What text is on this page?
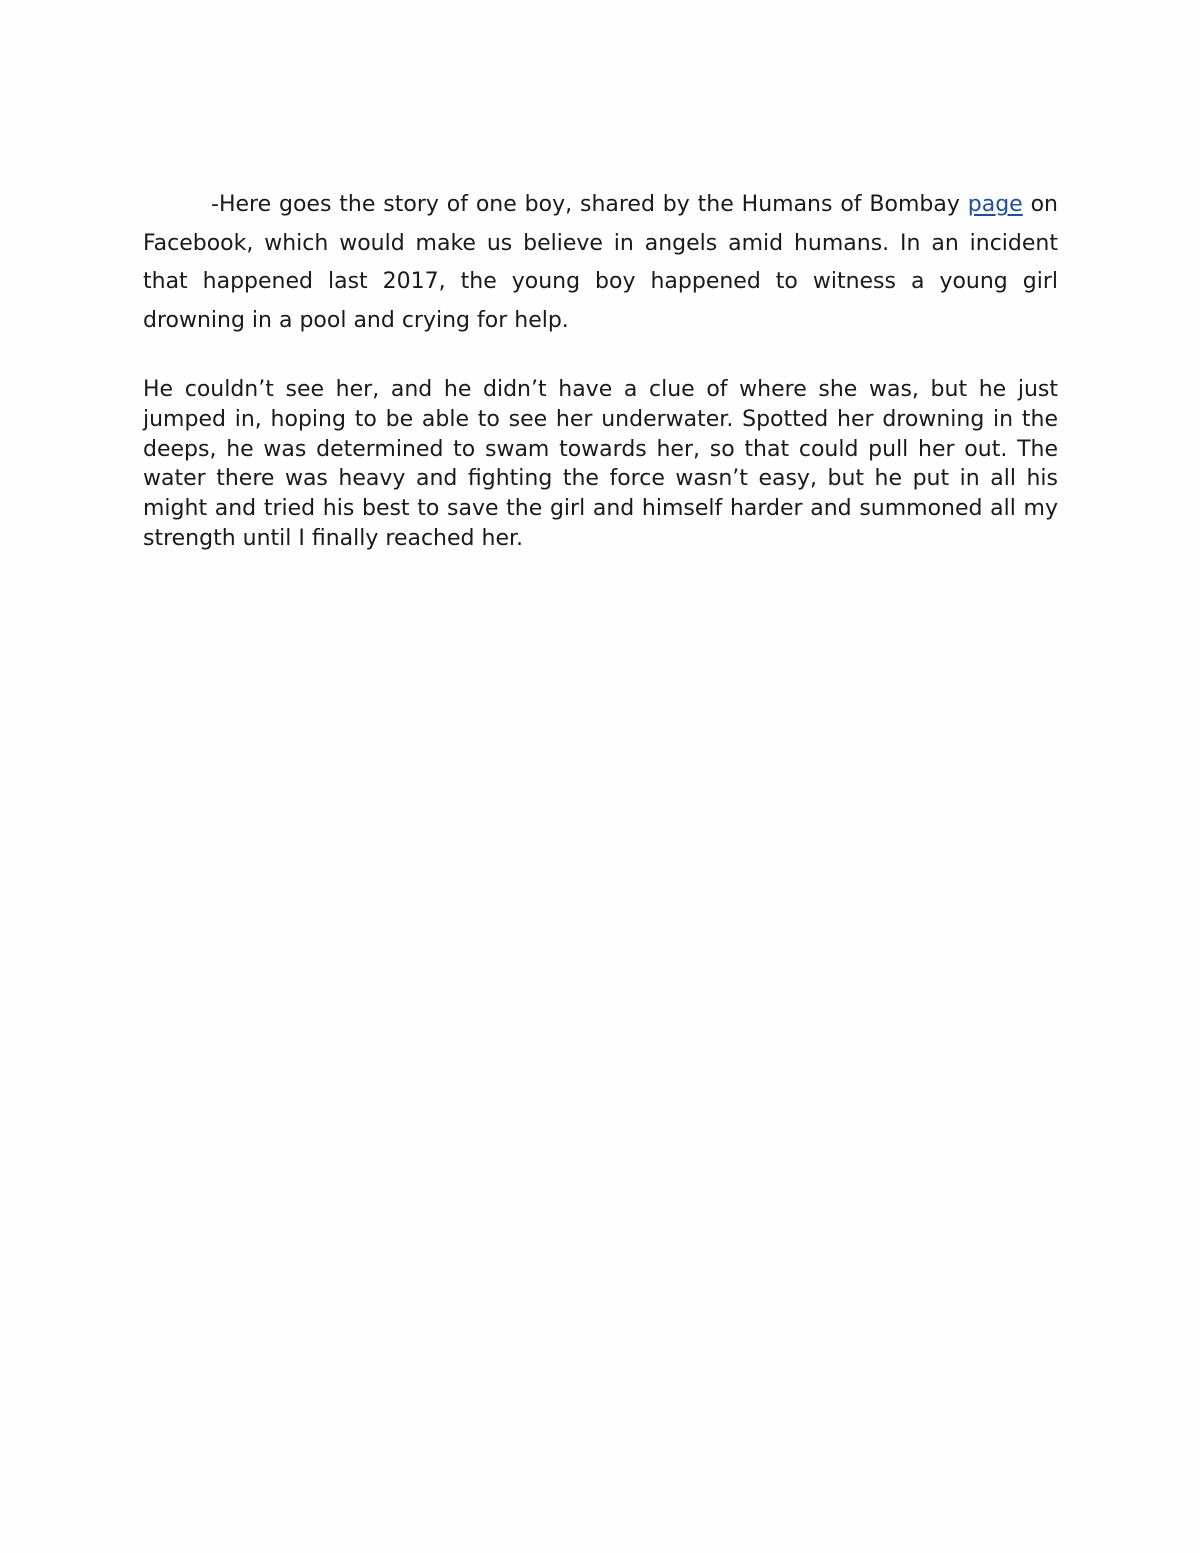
-Here goes the story of one boy, shared by the Humans of Bombay page on Facebook, which would make us believe in angels amid humans. In an incident that happened last 2017, the young boy happened to witness a young girl drowning in a pool and crying for help.

He couldn’t see her, and he didn’t have a clue of where she was, but he just jumped in, hoping to be able to see her underwater. Spotted her drowning in the deeps, he was determined to swam towards her, so that could pull her out. The water there was heavy and fighting the force wasn’t easy, but he put in all his might and tried his best to save the girl and himself harder and summoned all my strength until I finally reached her.
